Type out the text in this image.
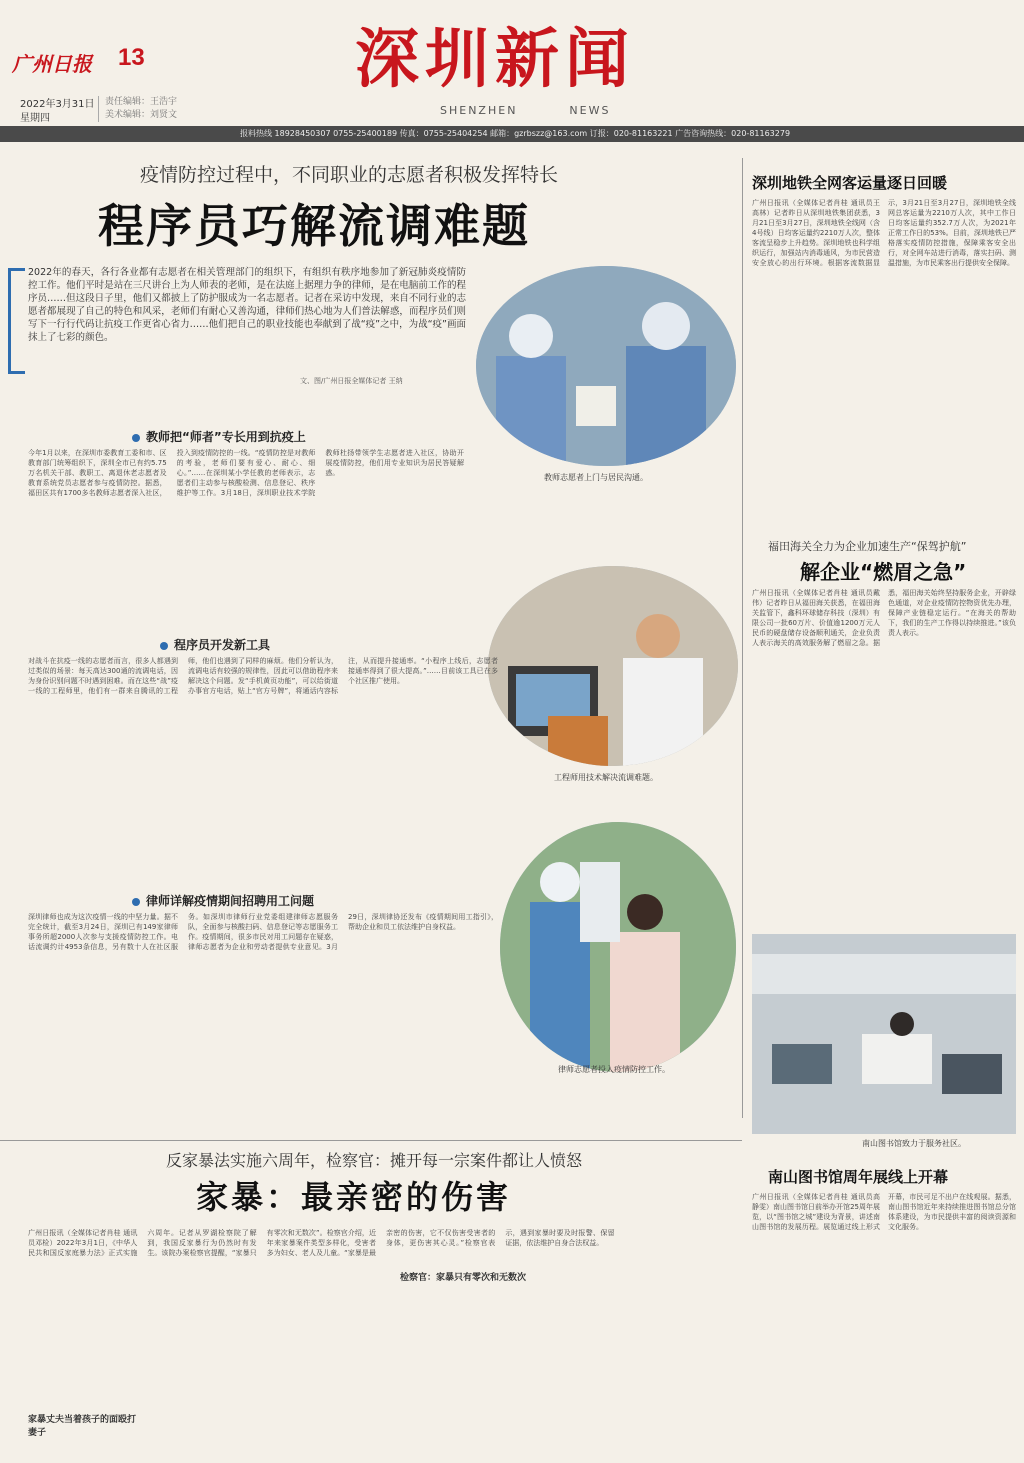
广州日报 13	深圳新闻
SHENZHEN	NEWS
2022年3月31日
星期四
责任编辑：王浩宇
美术编辑：刘贤文
报料热线 18928450307 0755-25400189 传真：0755-25404254 邮箱：gzrbszz@163.com 订报：020-81163221 广告咨询热线：020-81163279
疫情防控过程中，不同职业的志愿者积极发挥特长
程序员巧解流调难题
2022年的春天，各行各业都有志愿者在相关管理部门的组织下，有组织有秩序地参加了新冠肺炎疫情防控工作。他们平时是站在三尺讲台上为人师表的老师，是在法庭上据理力争的律师，是在电脑前工作的程序员……但这段日子里，他们又都披上了防护服成为一名志愿者。记者在采访中发现，来自不同行业的志愿者都展现了自己的特色和风采，老师们有耐心又善沟通，律师们热心地为人们普法解惑，而程序员们则写下一行行代码让抗疫工作更省心省力……他们把自己的职业技能也奉献到了战“疫”之中，为战“疫”画面抹上了七彩的颜色。
文、图/广州日报全媒体记者 王纳
教师志愿者上门与居民沟通。
教师把“师者”专长用到抗疫上
今年1月以来，在深圳市委教育工委和市、区教育部门统筹组织下，深圳全市已有约5.75万名机关干部、教职工、离退休老志愿者及教育系统党员志愿者参与疫情防控。据悉，福田区共有1700多名教师志愿者深入社区，投入到疫情防控的一线。“疫情防控是对教师的考验，老师们要有爱心、耐心、细心。”……在深圳某小学任教的老师表示，志愿者们主动参与核酸检测、信息登记、秩序维护等工作。3月18日，深圳职业技术学院教师杜扬带领学生志愿者进入社区，协助开展疫情防控，他们用专业知识为居民答疑解惑。
工程师用技术解决流调难题。
程序员开发新工具
对战斗在抗疫一线的志愿者而言，很多人都遇到过类似的场景：每天高达300通的流调电话，因为身份识别问题不时遇到困难。而在这些“战”疫一线的工程师里，他们有一群来自腾讯的工程师，他们也遇到了同样的麻烦。他们分析认为，流调电话有较强的规律性，因此可以借助程序来解决这个问题。发“手机黄页功能”，可以给街道办事官方电话，贴上“官方号牌”，将通话内容标注，从而提升接通率。“小程序上线后，志愿者接通率得到了很大提高。”……目前该工具已在多个社区推广使用。
律师志愿者投入疫情防控工作。
律师详解疫情期间招聘用工问题
深圳律师也成为这次疫情一线的中坚力量。据不完全统计，截至3月24日，深圳已有149家律师事务所超2000人次参与支援疫情防控工作。电话流调约计4953条信息，另有数十人在社区服务。如深圳市律师行业党委组建律师志愿服务队，全面参与核酸扫码、信息登记等志愿服务工作。疫情期间，很多市民对用工问题存在疑惑，律师志愿者为企业和劳动者提供专业意见。3月29日，深圳律协还发布《疫情期间用工指引》，帮助企业和员工依法维护自身权益。
深圳地铁全网客运量逐日回暖
广州日报讯（全媒体记者肖桂 通讯员王高林）记者昨日从深圳地铁集团获悉，3月21日至3月27日，深圳地铁全线网（含4号线）日均客运量约2210万人次，整体客流呈稳步上升趋势。深圳地铁也科学组织运行，加强站内消毒通风，为市民营造安全放心的出行环境。根据客流数据显示，3月21日至3月27日，深圳地铁全线网总客运量为2210万人次，其中工作日日均客运量约352.7万人次，为2021年正常工作日的53%。目前，深圳地铁已严格落实疫情防控措施，保障乘客安全出行，对全网车站进行消毒，落实扫码、测温措施，为市民乘客出行提供安全保障。
福田海关全力为企业加速生产“保驾护航”
解企业“燃眉之急”
广州日报讯（全媒体记者肖桂 通讯员戴伟）记者昨日从福田海关获悉，在福田海关监管下，鑫科环球储存科技（深圳）有限公司一批60万片、价值逾1200万元人民币的硬盘储存设备顺利通关，企业负责人表示海关的高效服务解了燃眉之急。据悉，福田海关始终坚持服务企业，开辟绿色通道，对企业疫情防控物资优先办理，保障产业链稳定运行。“在海关的帮助下，我们的生产工作得以持续推进。”该负责人表示。
南山图书馆致力于服务社区。
南山图书馆周年展线上开幕
广州日报讯（全媒体记者肖桂 通讯员高静雯）南山图书馆日前举办开馆25周年展览，以“图书馆之城”建设为背景，讲述南山图书馆的发展历程。展览通过线上形式开幕，市民可足不出户在线观展。据悉，南山图书馆近年来持续推进图书馆总分馆体系建设，为市民提供丰富的阅读资源和文化服务。
反家暴法实施六周年，检察官：摊开每一宗案件都让人愤怒
家暴：最亲密的伤害
广州日报讯（全媒体记者肖桂 通讯员邓检）2022年3月1日，《中华人民共和国反家庭暴力法》正式实施六周年。记者从罗湖检察院了解到，我国反家暴行为仍然时有发生。该院办案检察官提醒，“家暴只有零次和无数次”。检察官介绍，近年来家暴案件类型多样化，受害者多为妇女、老人及儿童。“家暴是最亲密的伤害，它不仅伤害受害者的身体，更伤害其心灵。”检察官表示，遇到家暴时要及时报警、保留证据，依法维护自身合法权益。
检察官：家暴只有零次和无数次
家暴丈夫当着孩子的面殴打妻子
